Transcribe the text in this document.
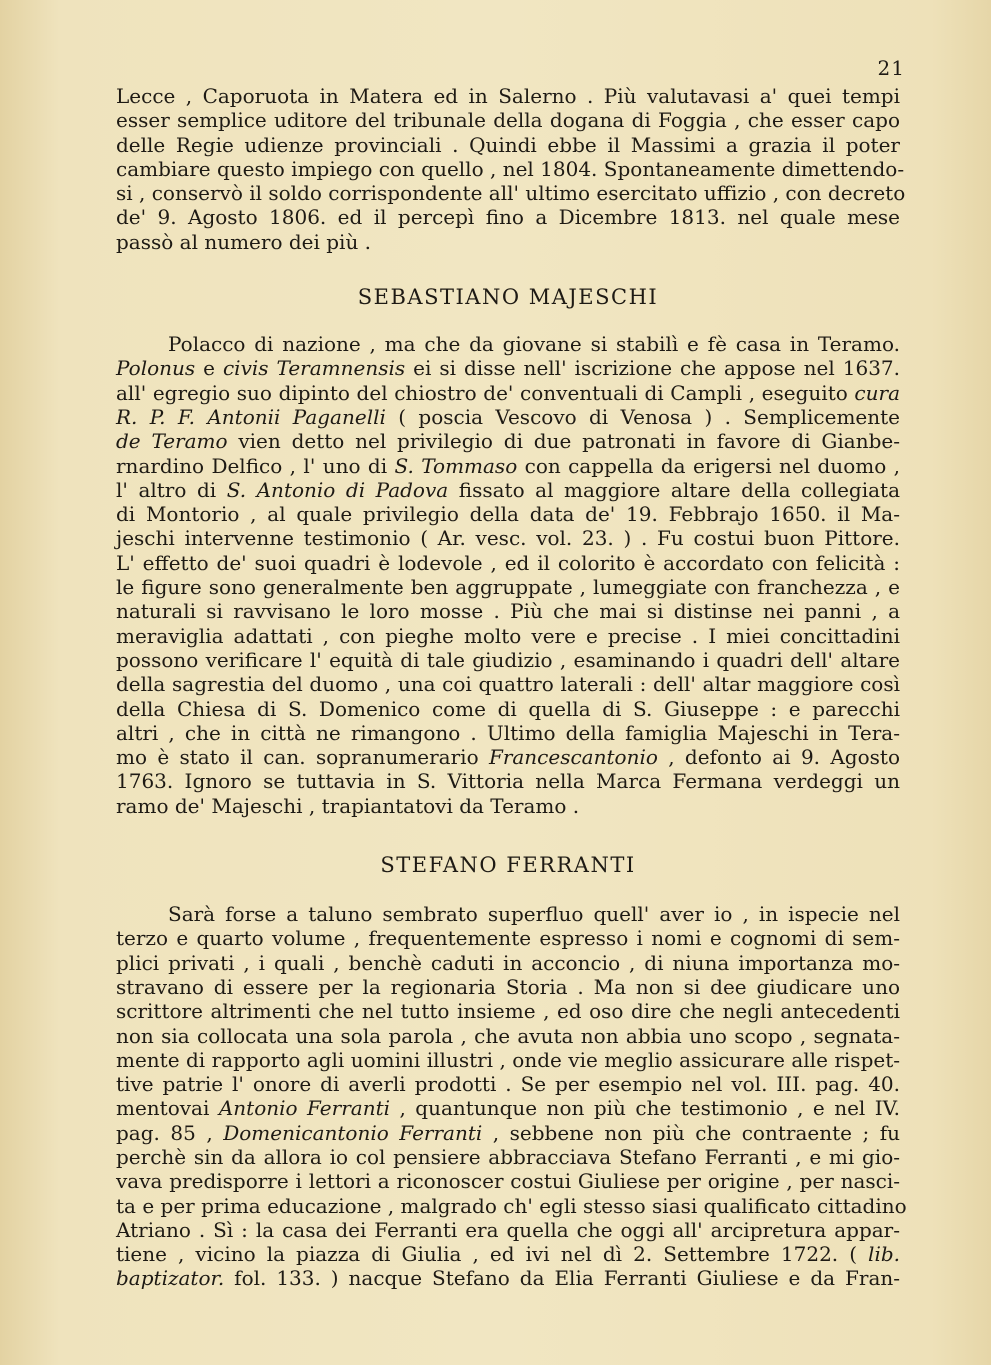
21

Lecce , Caporuota in Matera ed in Salerno . Più valutavasi a' quei tempi
esser semplice uditore del tribunale della dogana di Foggia , che esser capo
delle Regie udienze provinciali . Quindi ebbe il Massimi a grazia il poter
cambiare questo impiego con quello , nel 1804. Spontaneamente dimettendo-
si , conservò il soldo corrispondente all' ultimo esercitato uffizio , con decreto
de' 9. Agosto 1806. ed il percepì fino a Dicembre 1813. nel quale mese
passò al numero dei più .

SEBASTIANO MAJESCHI

Polacco di nazione , ma che da giovane si stabilì e fè casa in Teramo.
Polonus e civis Teramnensis ei si disse nell' iscrizione che appose nel 1637.
all' egregio suo dipinto del chiostro de' conventuali di Campli , eseguito cura
R. P. F. Antonii Paganelli ( poscia Vescovo di Venosa ) . Semplicemente
de Teramo vien detto nel privilegio di due patronati in favore di Gianbe-
rnardino Delfico , l' uno di S. Tommaso con cappella da erigersi nel duomo ,
l' altro di S. Antonio di Padova fissato al maggiore altare della collegiata
di Montorio , al quale privilegio della data de' 19. Febbrajo 1650. il Ma-
jeschi intervenne testimonio ( Ar. vesc. vol. 23. ) . Fu costui buon Pittore.
L' effetto de' suoi quadri è lodevole , ed il colorito è accordato con felicità :
le figure sono generalmente ben aggruppate , lumeggiate con franchezza , e
naturali si ravvisano le loro mosse . Più che mai si distinse nei panni , a
meraviglia adattati , con pieghe molto vere e precise . I miei concittadini
possono verificare l' equità di tale giudizio , esaminando i quadri dell' altare
della sagrestia del duomo , una coi quattro laterali : dell' altar maggiore così
della Chiesa di S. Domenico come di quella di S. Giuseppe : e parecchi
altri , che in città ne rimangono . Ultimo della famiglia Majeschi in Tera-
mo è stato il can. sopranumerario Francescantonio , defonto ai 9. Agosto
1763. Ignoro se tuttavia in S. Vittoria nella Marca Fermana verdeggi un
ramo de' Majeschi , trapiantatovi da Teramo .

STEFANO FERRANTI

Sarà forse a taluno sembrato superfluo quell' aver io , in ispecie nel
terzo e quarto volume , frequentemente espresso i nomi e cognomi di sem-
plici privati , i quali , benchè caduti in acconcio , di niuna importanza mo-
stravano di essere per la regionaria Storia . Ma non si dee giudicare uno
scrittore altrimenti che nel tutto insieme , ed oso dire che negli antecedenti
non sia collocata una sola parola , che avuta non abbia uno scopo , segnata-
mente di rapporto agli uomini illustri , onde vie meglio assicurare alle rispet-
tive patrie l' onore di averli prodotti . Se per esempio nel vol. III. pag. 40.
mentovai Antonio Ferranti , quantunque non più che testimonio , e nel IV.
pag. 85 , Domenicantonio Ferranti , sebbene non più che contraente ; fu
perchè sin da allora io col pensiere abbracciava Stefano Ferranti , e mi gio-
vava predisporre i lettori a riconoscer costui Giuliese per origine , per nasci-
ta e per prima educazione , malgrado ch' egli stesso siasi qualificato cittadino
Atriano . Sì : la casa dei Ferranti era quella che oggi all' arcipretura appar-
tiene , vicino la piazza di Giulia , ed ivi nel dì 2. Settembre 1722. ( lib.
baptizator. fol. 133. ) nacque Stefano da Elia Ferranti Giuliese e da Fran-
